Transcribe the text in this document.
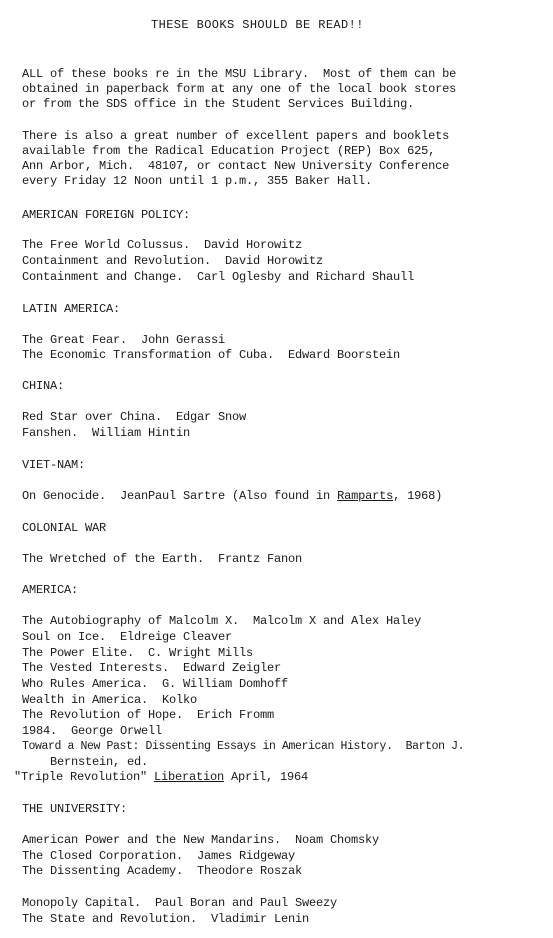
THESE BOOKS SHOULD BE READ!!
ALL of these books re in the MSU Library.  Most of them can be
obtained in paperback form at any one of the local book stores
or from the SDS office in the Student Services Building.
There is also a great number of excellent papers and booklets
available from the Radical Education Project (REP) Box 625,
Ann Arbor, Mich.  48107, or contact New University Conference
every Friday 12 Noon until 1 p.m., 355 Baker Hall.
AMERICAN FOREIGN POLICY:
The Free World Colussus.  David Horowitz
Containment and Revolution.  David Horowitz
Containment and Change.  Carl Oglesby and Richard Shaull
LATIN AMERICA:
The Great Fear.  John Gerassi
The Economic Transformation of Cuba.  Edward Boorstein
CHINA:
Red Star over China.  Edgar Snow
Fanshen.  William Hintin
VIET-NAM:
On Genocide.  JeanPaul Sartre (Also found in Ramparts, 1968)
COLONIAL WAR
The Wretched of the Earth.  Frantz Fanon
AMERICA:
The Autobiography of Malcolm X.  Malcolm X and Alex Haley
Soul on Ice.  Eldreige Cleaver
The Power Elite.  C. Wright Mills
The Vested Interests.  Edward Zeigler
Who Rules America.  G. William Domhoff
Wealth in America.  Kolko
The Revolution of Hope.  Erich Fromm
1984.  George Orwell
Toward a New Past: Dissenting Essays in American History.  Barton J.
Bernstein, ed.
"Triple Revolution" Liberation April, 1964
THE UNIVERSITY:
American Power and the New Mandarins.  Noam Chomsky
The Closed Corporation.  James Ridgeway
The Dissenting Academy.  Theodore Roszak
Monopoly Capital.  Paul Boran and Paul Sweezy
The State and Revolution.  Vladimir Lenin
